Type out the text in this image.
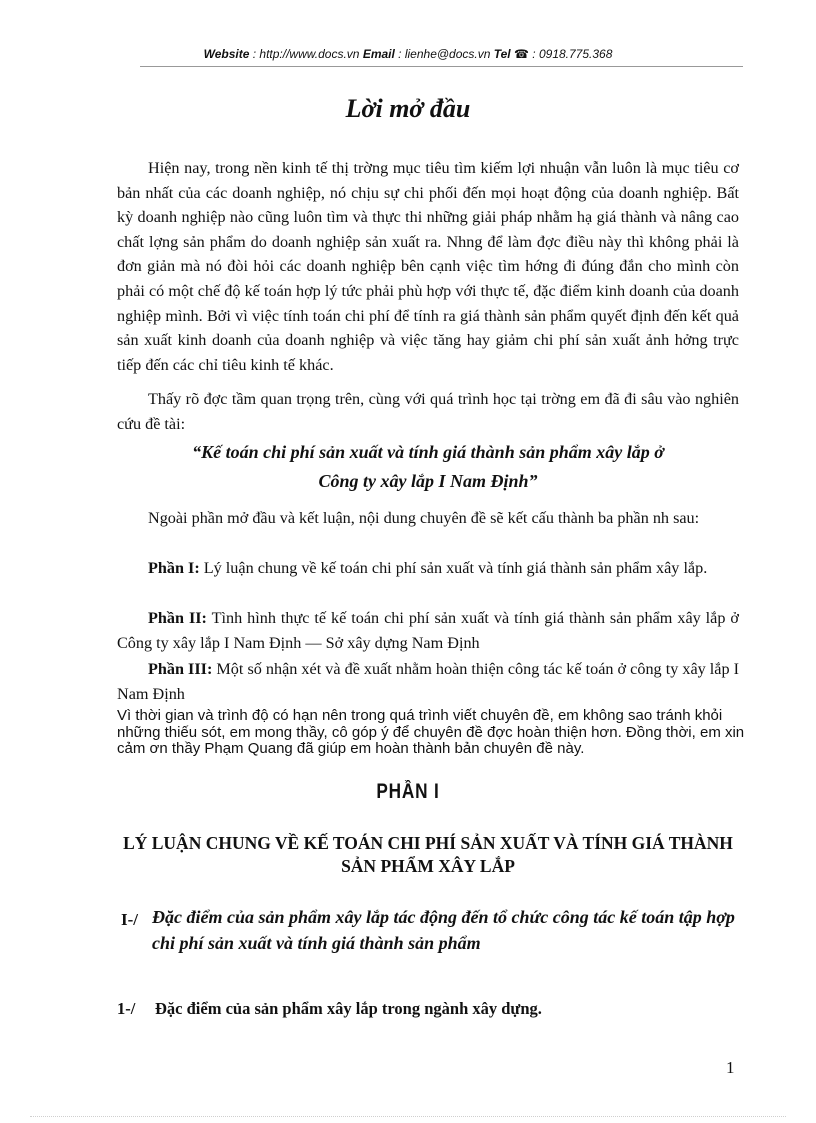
Website : http://www.docs.vn Email : lienhe@docs.vn Tel ☎ : 0918.775.368
Lời mở đầu

Hiện nay, trong nền kinh tế thị trờng mục tiêu tìm kiếm lợi nhuận vẫn luôn là mục tiêu cơ bản nhất của các doanh nghiệp, nó chịu sự chi phối đến mọi hoạt động của doanh nghiệp. Bất kỳ doanh nghiệp nào cũng luôn tìm và thực thi những giải pháp nhằm hạ giá thành và nâng cao chất lợng sản phẩm do doanh nghiệp sản xuất ra. Nhng để làm đợc điều này thì không phải là đơn giản mà nó đòi hỏi các doanh nghiệp bên cạnh việc tìm hớng đi đúng đắn cho mình còn phải có một chế độ kế toán hợp lý tức phải phù hợp với thực tế, đặc điểm kinh doanh của doanh nghiệp mình. Bởi vì việc tính toán chi phí để tính ra giá thành sản phẩm quyết định đến kết quả sản xuất kinh doanh của doanh nghiệp và việc tăng hay giảm chi phí sản xuất ảnh hởng trực tiếp đến các chỉ tiêu kinh tế khác.

Thấy rõ đợc tầm quan trọng trên, cùng với quá trình học tại trờng em đã đi sâu vào nghiên cứu đề tài:

“Kế toán chi phí sản xuất và tính giá thành sản phẩm xây lắp ở
Công ty xây lắp I Nam Định”

Ngoài phần mở đầu và kết luận, nội dung chuyên đề sẽ kết cấu thành ba phần nh sau:

Phần I: Lý luận chung về kế toán chi phí sản xuất và tính giá thành sản phẩm xây lắp.

Phần II: Tình hình thực tế kế toán chi phí sản xuất và tính giá thành sản phẩm xây lắp ở Công ty xây lắp I Nam Định — Sở xây dựng Nam Định

Phần III: Một số nhận xét và đề xuất nhằm hoàn thiện công tác kế toán ở công ty xây lắp I Nam Định

Vì thời gian và trình độ có hạn nên trong quá trình viết chuyên đề, em không sao tránh khỏi những thiếu sót, em mong thầy, cô góp ý để chuyên đề đợc hoàn thiện hơn. Đồng thời, em xin cảm ơn thầy Phạm Quang đã giúp em hoàn thành bản chuyên đề này.

PHẦN I
LÝ LUẬN CHUNG VỀ KẾ TOÁN CHI PHÍ SẢN XUẤT VÀ TÍNH GIÁ THÀNH SẢN PHẨM XÂY LẮP
I-/ Đặc điểm của sản phẩm xây lắp tác động đến tổ chức công tác kế toán tập hợp chi phí sản xuất và tính giá thành sản phẩm
1-/ Đặc điểm của sản phẩm xây lắp trong ngành xây dựng.
1
